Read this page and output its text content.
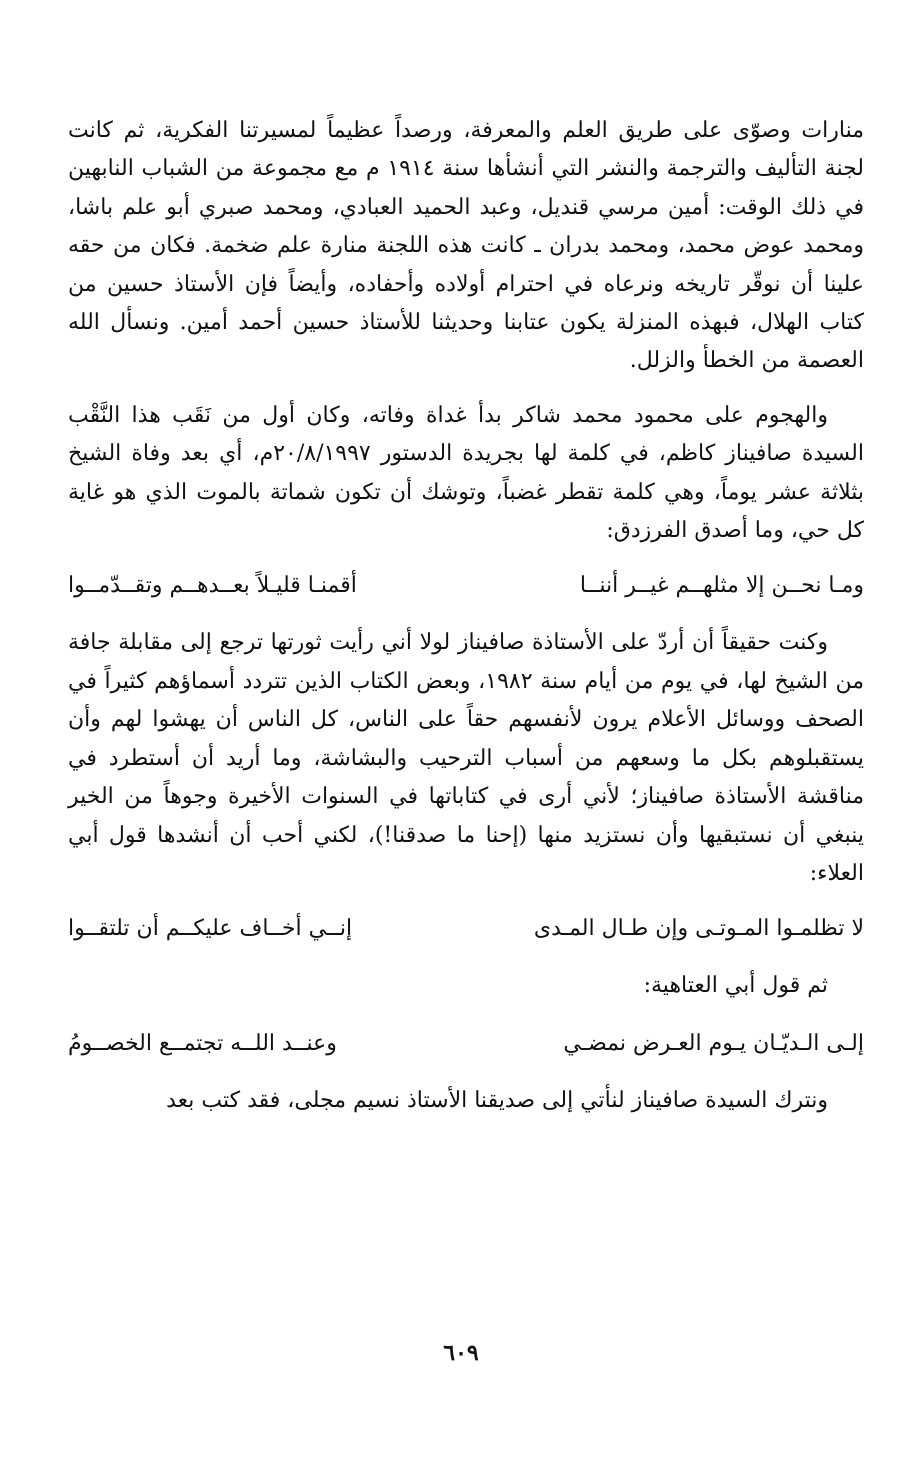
منارات وصوّى على طريق العلم والمعرفة، ورصداً عظيماً لمسيرتنا الفكرية، ثم كانت لجنة التأليف والترجمة والنشر التي أنشأها سنة ١٩١٤ م مع مجموعة من الشباب النابهين في ذلك الوقت: أمين مرسي قنديل، وعبد الحميد العبادي، ومحمد صبري أبو علم باشا، ومحمد عوض محمد، ومحمد بدران ـ كانت هذه اللجنة منارة علم ضخمة. فكان من حقه علينا أن نوقّر تاريخه ونرعاه في احترام أولاده وأحفاده، وأيضاً فإن الأستاذ حسين من كتاب الهلال، فبهذه المنزلة يكون عتابنا وحديثنا للأستاذ حسين أحمد أمين. ونسأل الله العصمة من الخطأ والزلل.

والهجوم على محمود محمد شاكر بدأ غداة وفاته، وكان أول من نَقَب هذا النَّقْب السيدة صافيناز كاظم، في كلمة لها بجريدة الدستور ٢٠/٨/١٩٩٧م، أي بعد وفاة الشيخ بثلاثة عشر يوماً، وهي كلمة تقطر غضباً، وتوشك أن تكون شماتة بالموت الذي هو غاية كل حي، وما أصدق الفرزدق:

ومـا نحــن إلا مثلهــم غيــر أننــا
أقمنـا قليـلاً بعــدهــم وتقــدّمــوا

وكنت حقيقاً أن أردّ على الأستاذة صافيناز لولا أني رأيت ثورتها ترجع إلى مقابلة جافة من الشيخ لها، في يوم من أيام سنة ١٩٨٢، وبعض الكتاب الذين تتردد أسماؤهم كثيراً في الصحف ووسائل الأعلام يرون لأنفسهم حقاً على الناس، كل الناس أن يهشوا لهم وأن يستقبلوهم بكل ما وسعهم من أسباب الترحيب والبشاشة، وما أريد أن أستطرد في مناقشة الأستاذة صافيناز؛ لأني أرى في كتاباتها في السنوات الأخيرة وجوهاً من الخير ينبغي أن نستبقيها وأن نستزيد منها (إحنا ما صدقنا!)، لكني أحب أن أنشدها قول أبي العلاء:

لا تظلمـوا المـوتـى وإن طـال المـدى
إنــي أخــاف عليكــم أن تلتقــوا

ثم قول أبي العتاهية:

إلـى الـديّـان يـوم العـرض نمضـي
وعنــد اللــه تجتمــع الخصــومُ

ونترك السيدة صافيناز لنأتي إلى صديقنا الأستاذ نسيم مجلى، فقد كتب بعد

٦٠٩
